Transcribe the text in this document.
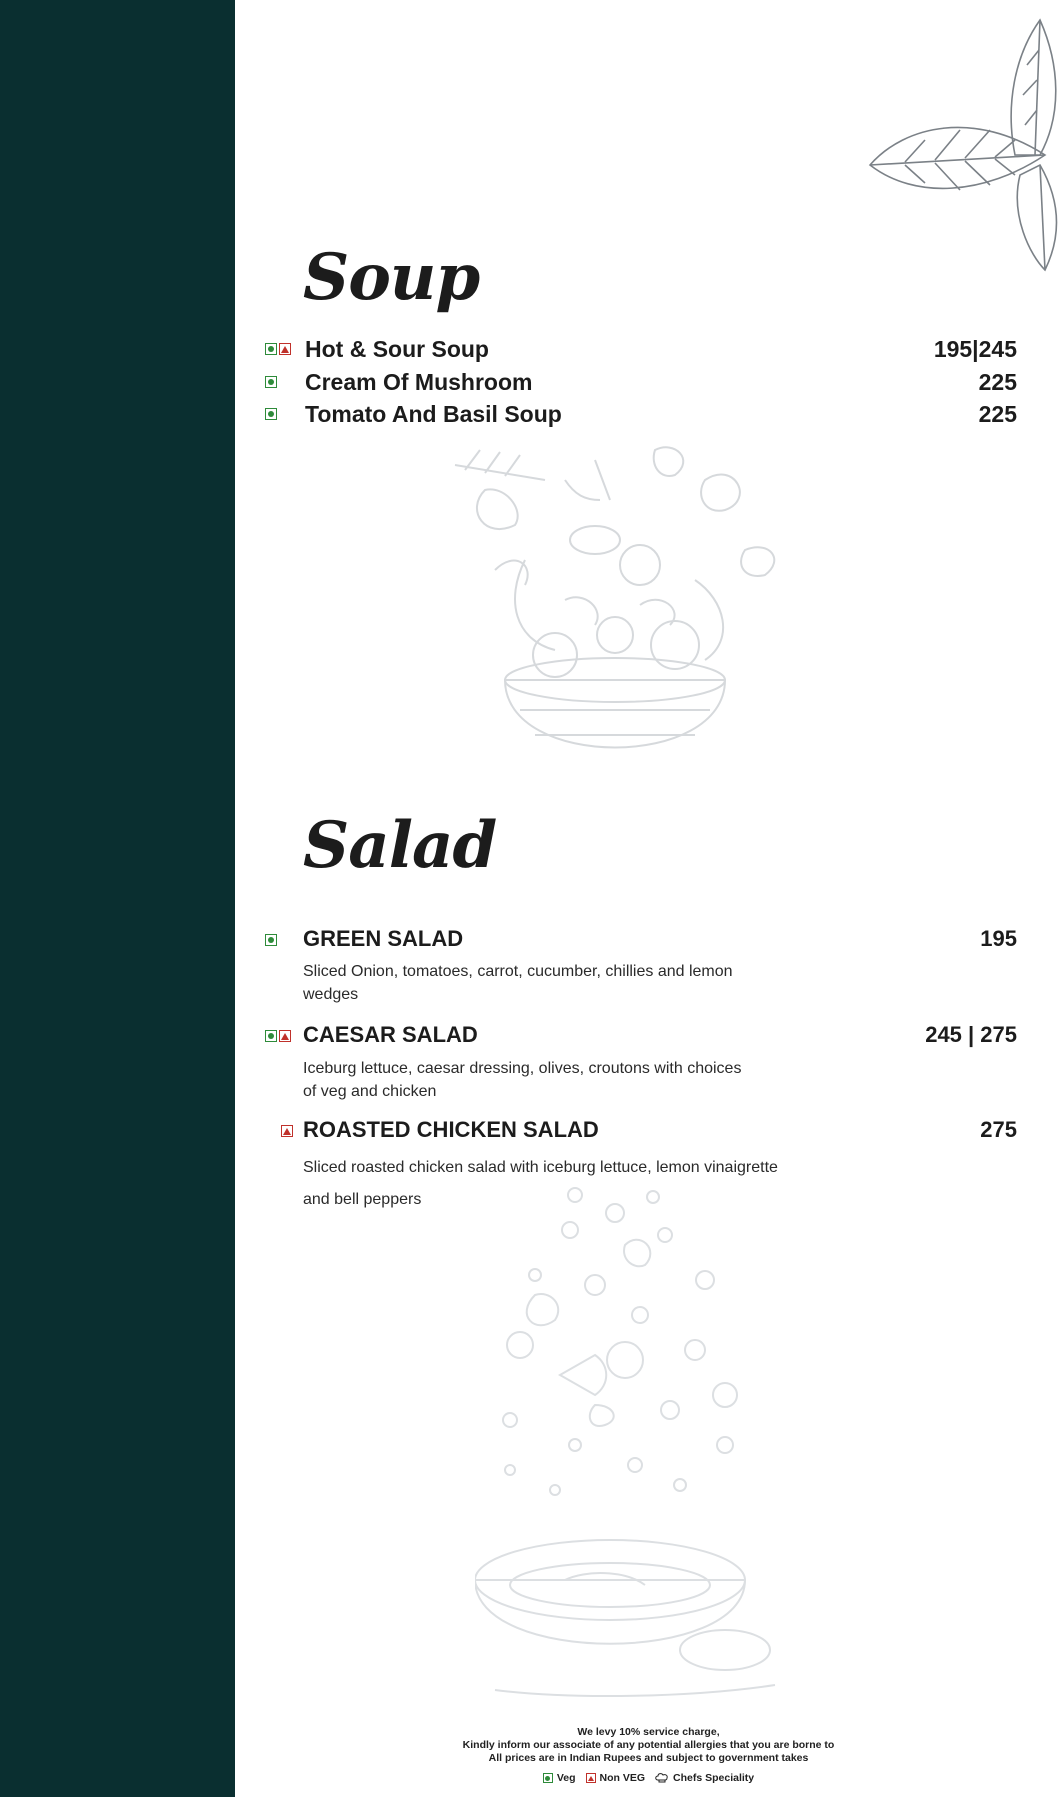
Soup
Hot & Sour Soup	195|245
Cream Of Mushroom	225
Tomato And Basil Soup	225
Salad
GREEN SALAD	195
Sliced Onion, tomatoes, carrot, cucumber, chillies and lemon
wedges
CAESAR SALAD	245 | 275
Iceburg lettuce, caesar dressing, olives, croutons with choices
of veg and chicken
ROASTED CHICKEN SALAD	275
Sliced roasted chicken salad with iceburg lettuce, lemon vinaigrette
and bell peppers
We levy 10% service charge,
Kindly inform our associate of any potential allergies that you are borne to
All prices are in Indian Rupees and subject to government takes
Veg Non VEG	Chefs Speciality
